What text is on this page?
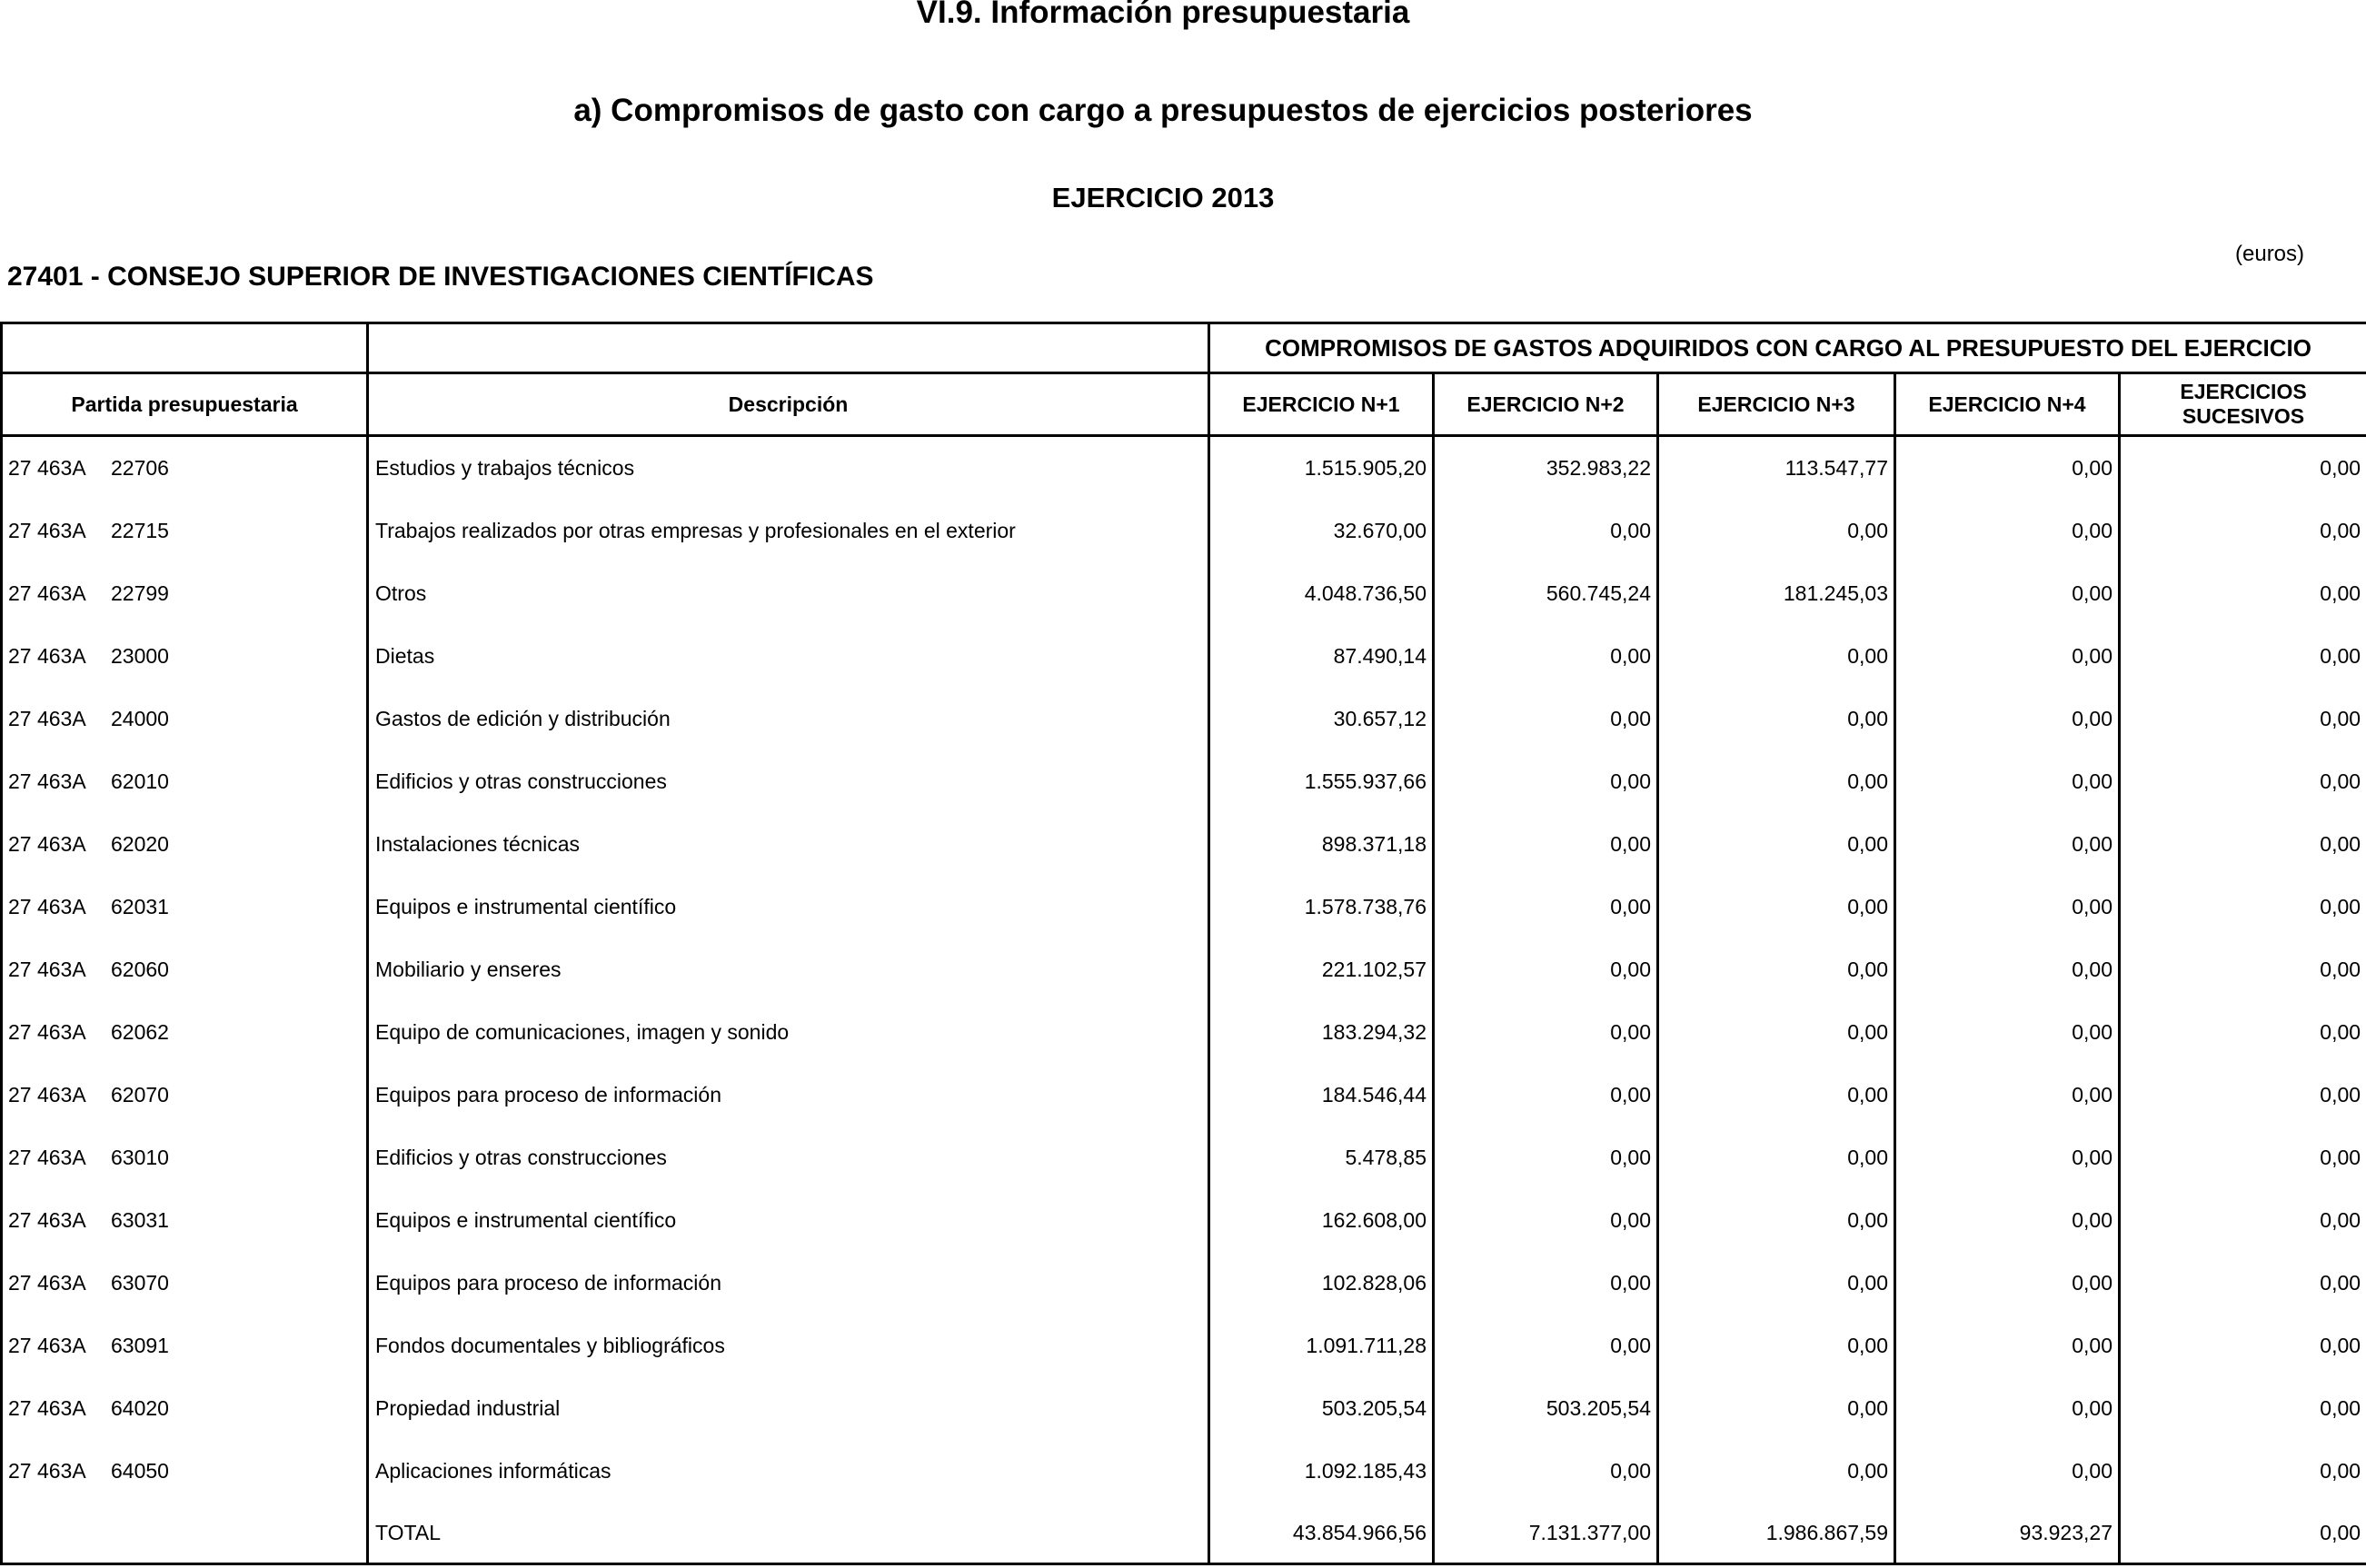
VI.9. Información presupuestaria
a) Compromisos de gasto con cargo a presupuestos de ejercicios posteriores
EJERCICIO 2013
27401 - CONSEJO SUPERIOR DE INVESTIGACIONES CIENTÍFICAS
(euros)
		COMPROMISOS DE GASTOS ADQUIRIDOS CON CARGO AL PRESUPUESTO DEL EJERCICIO				
Partida presupuestaria	Descripción	EJERCICIO N+1	EJERCICIO N+2	EJERCICIO N+3	EJERCICIO N+4	EJERCICIOS
SUCESIVOS
27 463A 22706	Estudios y trabajos técnicos	1.515.905,20	352.983,22	113.547,77	0,00	0,00
27 463A 22715	Trabajos realizados por otras empresas y profesionales en el exterior	32.670,00	0,00	0,00	0,00	0,00
27 463A 22799	Otros	4.048.736,50	560.745,24	181.245,03	0,00	0,00
27 463A 23000	Dietas	87.490,14	0,00	0,00	0,00	0,00
27 463A 24000	Gastos de edición y distribución	30.657,12	0,00	0,00	0,00	0,00
27 463A 62010	Edificios y otras construcciones	1.555.937,66	0,00	0,00	0,00	0,00
27 463A 62020	Instalaciones técnicas	898.371,18	0,00	0,00	0,00	0,00
27 463A 62031	Equipos e instrumental científico	1.578.738,76	0,00	0,00	0,00	0,00
27 463A 62060	Mobiliario y enseres	221.102,57	0,00	0,00	0,00	0,00
27 463A 62062	Equipo de comunicaciones, imagen y sonido	183.294,32	0,00	0,00	0,00	0,00
27 463A 62070	Equipos para proceso de información	184.546,44	0,00	0,00	0,00	0,00
27 463A 63010	Edificios y otras construcciones	5.478,85	0,00	0,00	0,00	0,00
27 463A 63031	Equipos e instrumental científico	162.608,00	0,00	0,00	0,00	0,00
27 463A 63070	Equipos para proceso de información	102.828,06	0,00	0,00	0,00	0,00
27 463A 63091	Fondos documentales y bibliográficos	1.091.711,28	0,00	0,00	0,00	0,00
27 463A 64020	Propiedad industrial	503.205,54	503.205,54	0,00	0,00	0,00
27 463A 64050	Aplicaciones informáticas	1.092.185,43	0,00	0,00	0,00	0,00
	TOTAL	43.854.966,56	7.131.377,00	1.986.867,59	93.923,27	0,00
